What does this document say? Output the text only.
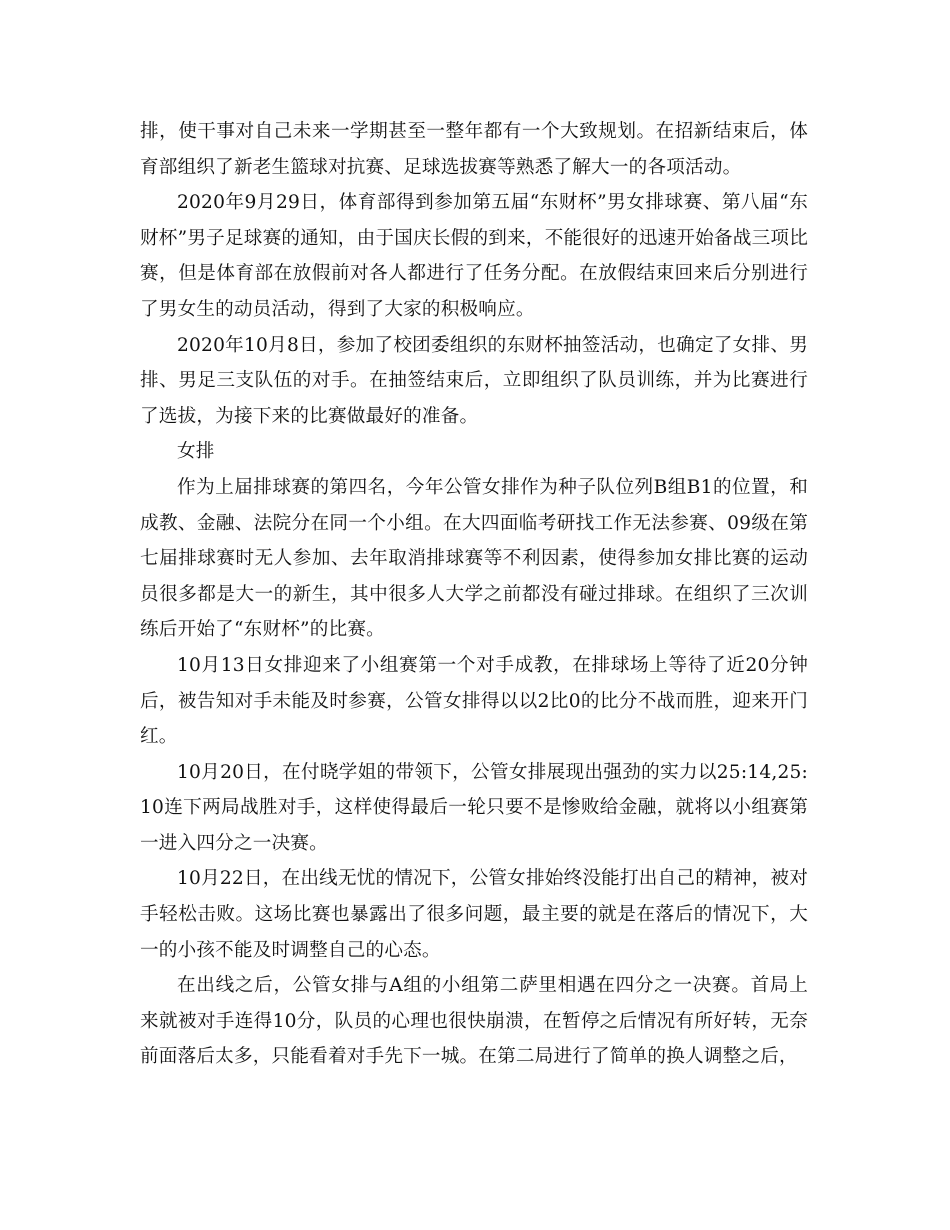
排，使干事对自己未来一学期甚至一整年都有一个大致规划。在招新结束后，体育部组织了新老生篮球对抗赛、足球选拔赛等熟悉了解大一的各项活动。

2020年9月29日，体育部得到参加第五届“东财杯”男女排球赛、第八届“东财杯”男子足球赛的通知，由于国庆长假的到来，不能很好的迅速开始备战三项比赛，但是体育部在放假前对各人都进行了任务分配。在放假结束回来后分别进行了男女生的动员活动，得到了大家的积极响应。

2020年10月8日，参加了校团委组织的东财杯抽签活动，也确定了女排、男排、男足三支队伍的对手。在抽签结束后，立即组织了队员训练，并为比赛进行了选拔，为接下来的比赛做最好的准备。

女排

作为上届排球赛的第四名，今年公管女排作为种子队位列B组B1的位置，和成教、金融、法院分在同一个小组。在大四面临考研找工作无法参赛、09级在第七届排球赛时无人参加、去年取消排球赛等不利因素，使得参加女排比赛的运动员很多都是大一的新生，其中很多人大学之前都没有碰过排球。在组织了三次训练后开始了“东财杯”的比赛。

10月13日女排迎来了小组赛第一个对手成教，在排球场上等待了近20分钟后，被告知对手未能及时参赛，公管女排得以以2比0的比分不战而胜，迎来开门红。

10月20日，在付晓学姐的带领下，公管女排展现出强劲的实力以25:14,25:10连下两局战胜对手，这样使得最后一轮只要不是惨败给金融，就将以小组赛第一进入四分之一决赛。

10月22日，在出线无忧的情况下，公管女排始终没能打出自己的精神，被对手轻松击败。这场比赛也暴露出了很多问题，最主要的就是在落后的情况下，大一的小孩不能及时调整自己的心态。

在出线之后，公管女排与A组的小组第二萨里相遇在四分之一决赛。首局上来就被对手连得10分，队员的心理也很快崩溃，在暂停之后情况有所好转，无奈前面落后太多，只能看着对手先下一城。在第二局进行了简单的换人调整之后，
